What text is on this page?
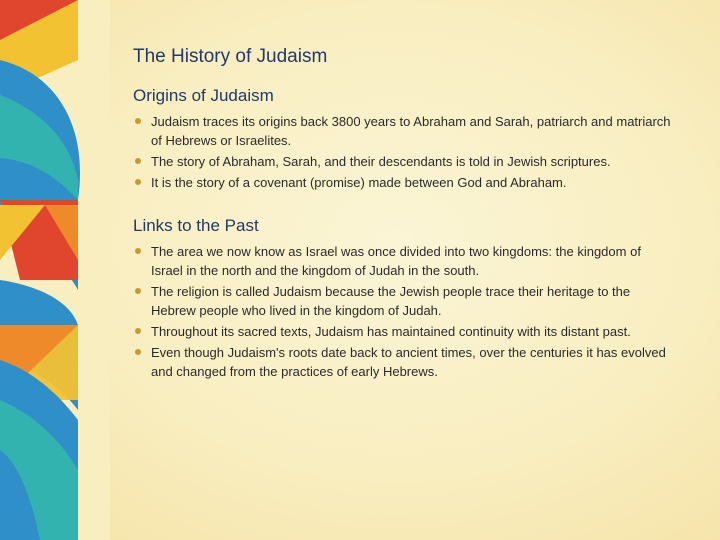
The History of Judaism
Origins of Judaism
Judaism traces its origins back 3800 years to Abraham and Sarah, patriarch and matriarch of Hebrews or Israelites.
The story of Abraham, Sarah, and their descendants is told in Jewish scriptures.
It is the story of a covenant (promise) made between God and Abraham.
Links to the Past
The area we now know as Israel was once divided into two kingdoms: the kingdom of Israel in the north and the kingdom of Judah in the south.
The religion is called Judaism because the Jewish people trace their heritage to the Hebrew people who lived in the kingdom of Judah.
Throughout its sacred texts, Judaism has maintained continuity with its distant past.
Even though Judaism's roots date back to ancient times, over the centuries it has evolved and changed from the practices of early Hebrews.
